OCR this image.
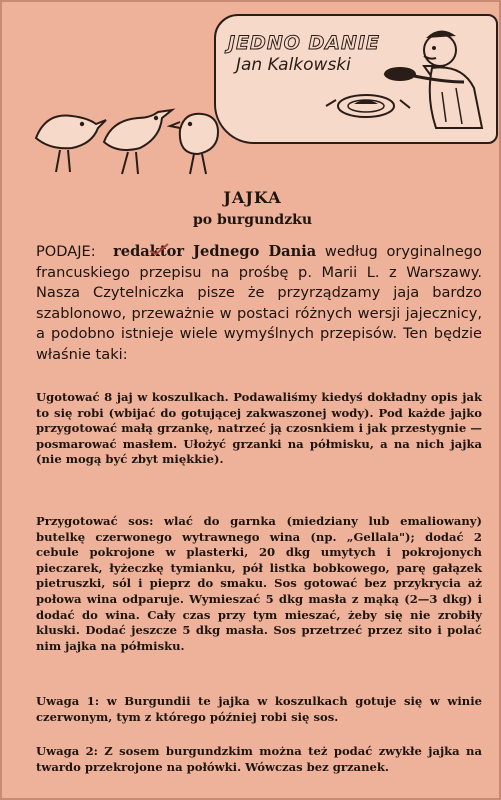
JEDNO DANIE
Jan Kalkowski
JAJKA
po burgundzku

PODAJE: redaktor Jednego Dania według oryginalnego francuskiego przepisu na prośbę p. Marii L. z Warszawy. Nasza Czytelniczka pisze że przyrządzamy jaja bardzo szablonowo, przeważnie w postaci różnych wersji jajecznicy, a podobno istnieje wiele wymyślnych przepisów. Ten będzie właśnie taki:

Ugotować 8 jaj w koszulkach. Podawaliśmy kiedyś dokładny opis jak to się robi (wbijać do gotującej zakwaszonej wody). Pod każde jajko przygotować małą grzankę, natrzeć ją czosnkiem i jak przestygnie — posmarować masłem. Ułożyć grzanki na półmisku, a na nich jajka (nie mogą być zbyt miękkie).

Przygotować sos: wlać do garnka (miedziany lub emaliowany) butelkę czerwonego wytrawnego wina (np. „Gellala"); dodać 2 cebule pokrojone w plasterki, 20 dkg umytych i pokrojonych pieczarek, łyżeczkę tymianku, pół listka bobkowego, parę gałązek pietruszki, sól i pieprz do smaku. Sos gotować bez przykrycia aż połowa wina odparuje. Wymieszać 5 dkg masła z mąką (2—3 dkg) i dodać do wina. Cały czas przy tym mieszać, żeby się nie zrobiły kluski. Dodać jeszcze 5 dkg masła. Sos przetrzeć przez sito i polać nim jajka na półmisku.

Uwaga 1: w Burgundii te jajka w koszulkach gotuje się w winie czerwonym, tym z którego później robi się sos.

Uwaga 2: Z sosem burgundzkim można też podać zwykłe jajka na twardo przekrojone na połówki. Wówczas bez grzanek.
